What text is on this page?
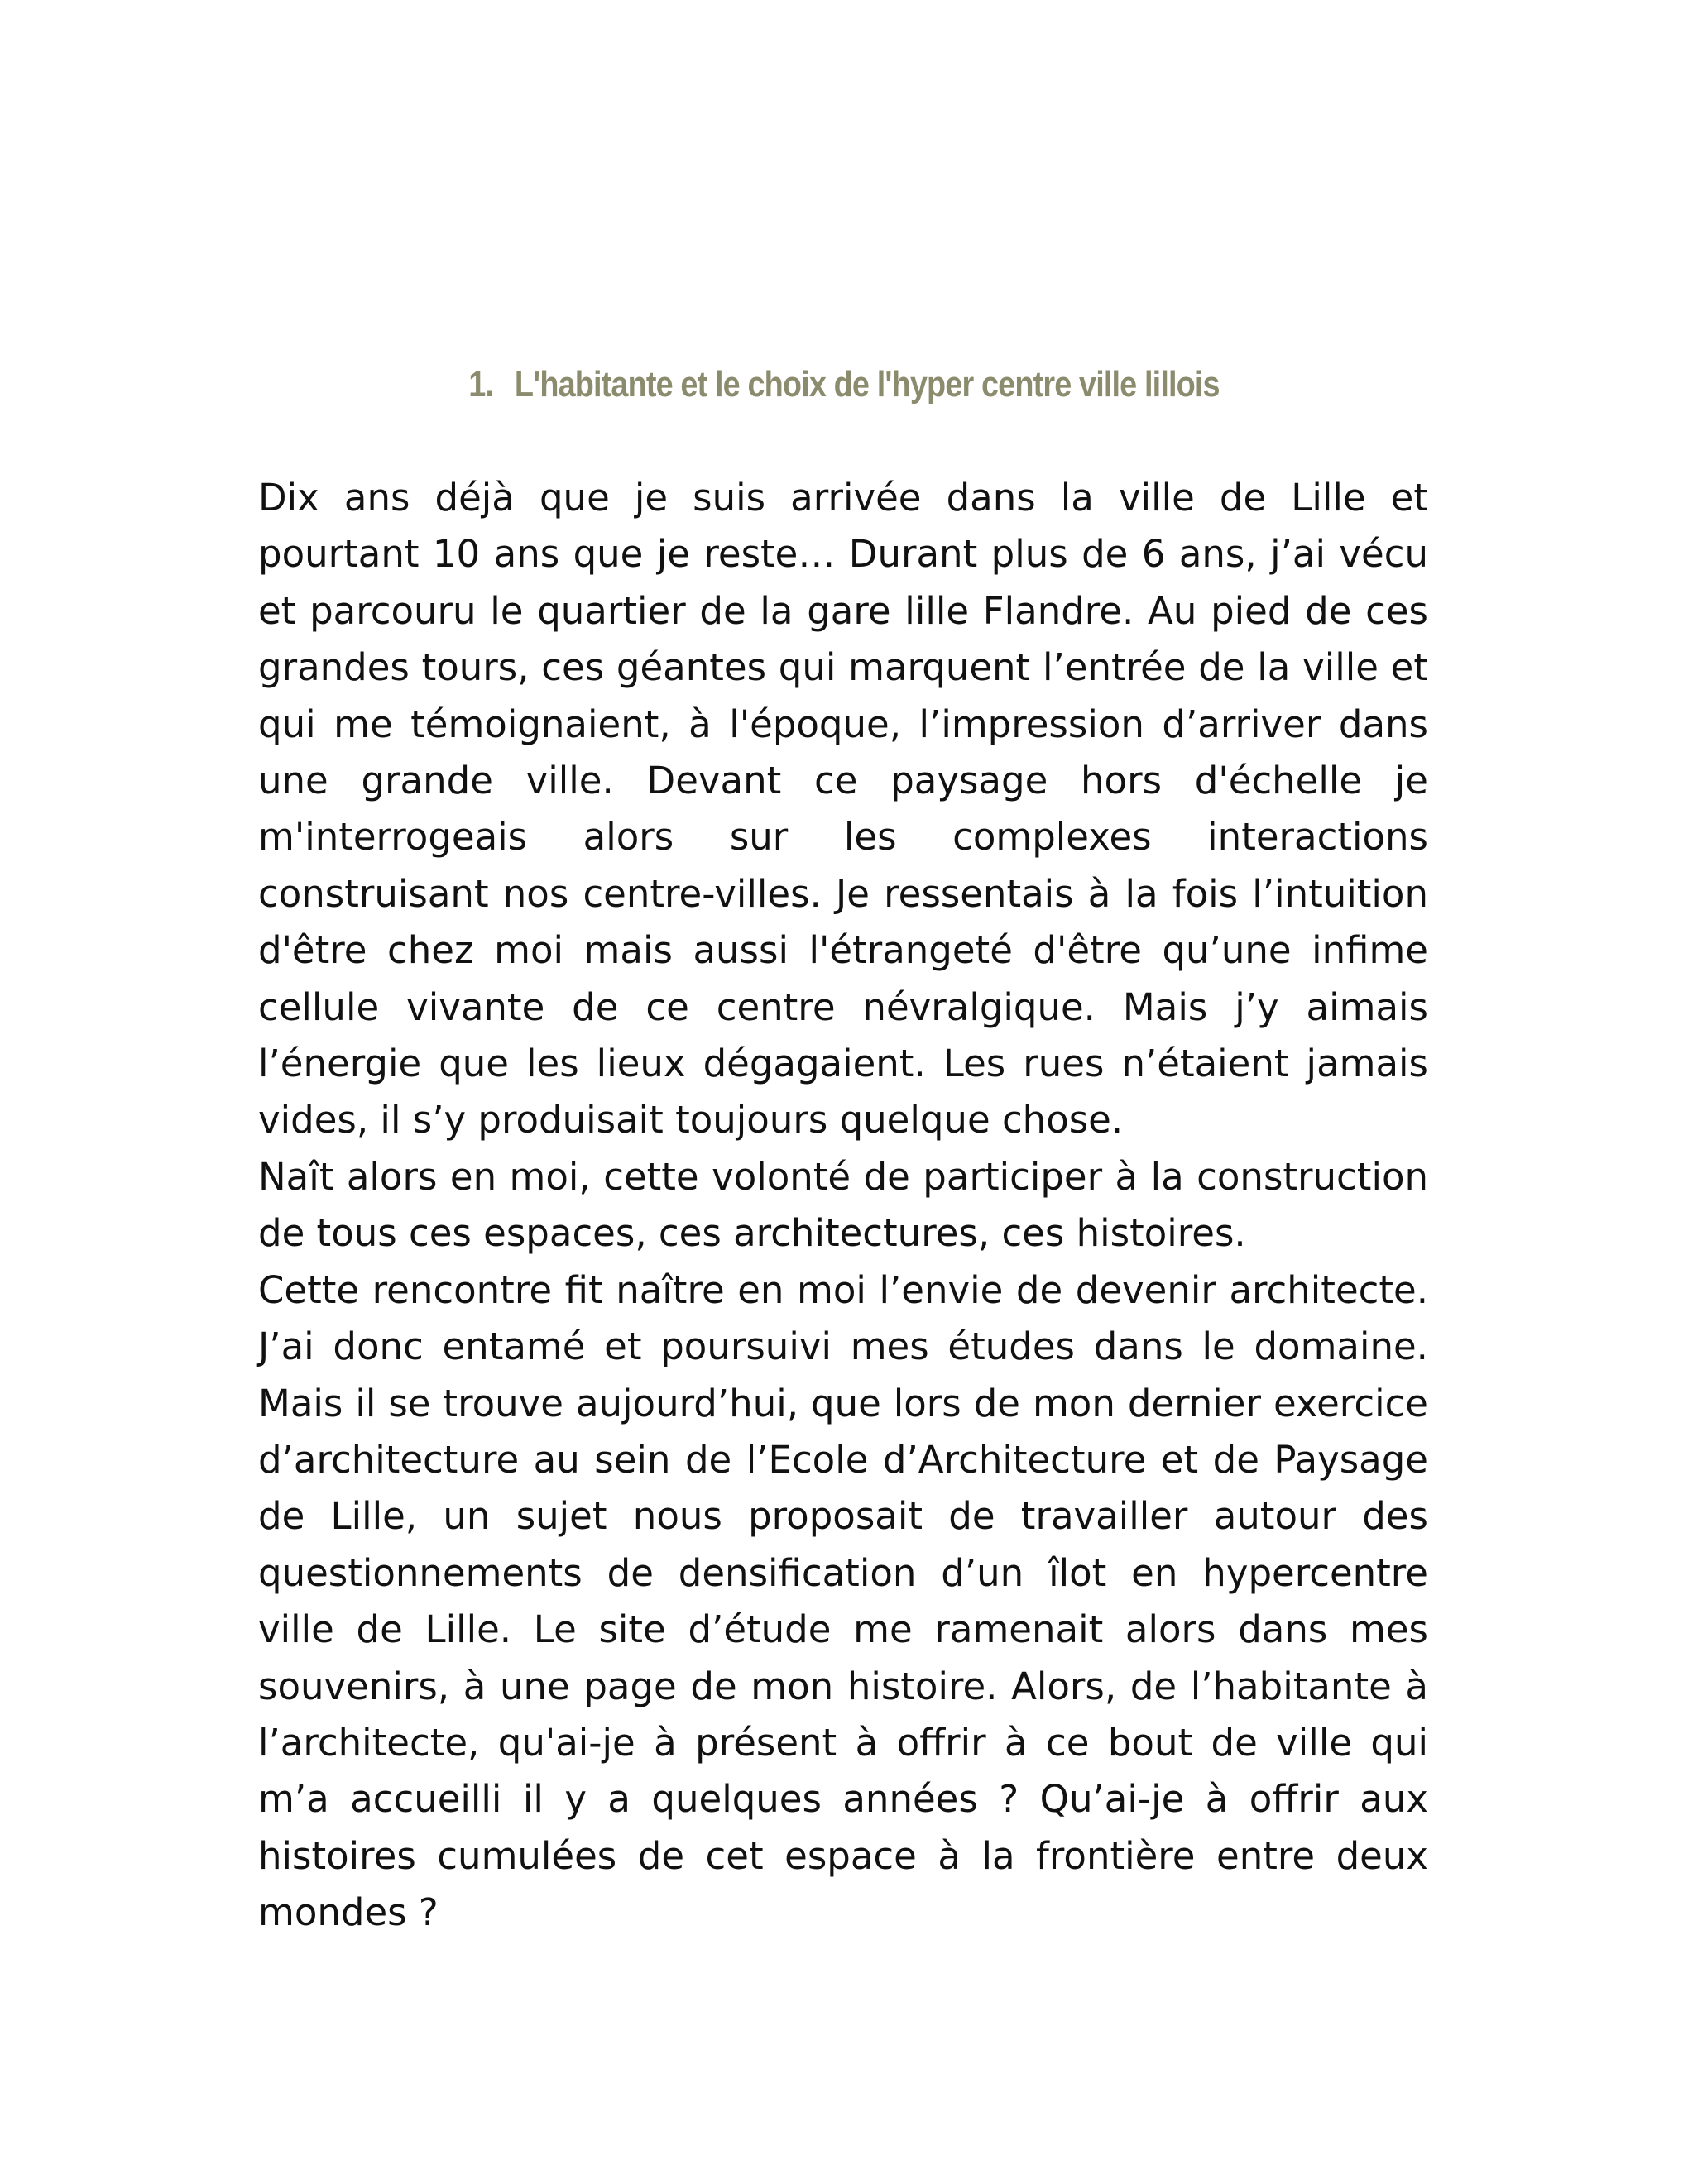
1. L'habitante et le choix de l'hyper centre ville lillois

Dix ans déjà que je suis arrivée dans la ville de Lille et pourtant 10 ans que je reste… Durant plus de 6 ans, j’ai vécu et parcouru le quartier de la gare lille Flandre. Au pied de ces grandes tours, ces géantes qui marquent l’entrée de la ville et qui me témoignaient, à l'époque, l’impression d’arriver dans une grande ville. Devant ce paysage hors d'échelle je m'interrogeais alors sur les complexes interactions construisant nos centre-villes. Je ressentais à la fois l’intuition d'être chez moi mais aussi l'étrangeté d'être qu’une infime cellule vivante de ce centre névralgique. Mais j’y aimais l’énergie que les lieux dégagaient. Les rues n’étaient jamais vides, il s’y produisait toujours quelque chose.

Naît alors en moi, cette volonté de participer à la construction de tous ces espaces, ces architectures, ces histoires.

Cette rencontre fit naître en moi l’envie de devenir architecte. J’ai donc entamé et poursuivi mes études dans le domaine. Mais il se trouve aujourd’hui, que lors de mon dernier exercice d’architecture au sein de l’Ecole d’Architecture et de Paysage de Lille, un sujet nous proposait de travailler autour des questionnements de densification d’un îlot en hypercentre ville de Lille. Le site d’étude me ramenait alors dans mes souvenirs, à une page de mon histoire. Alors, de l’habitante à l’architecte, qu'ai-je à présent à offrir à ce bout de ville qui m’a accueilli il y a quelques années ? Qu’ai-je à offrir aux histoires cumulées de cet espace à la frontière entre deux mondes ?
